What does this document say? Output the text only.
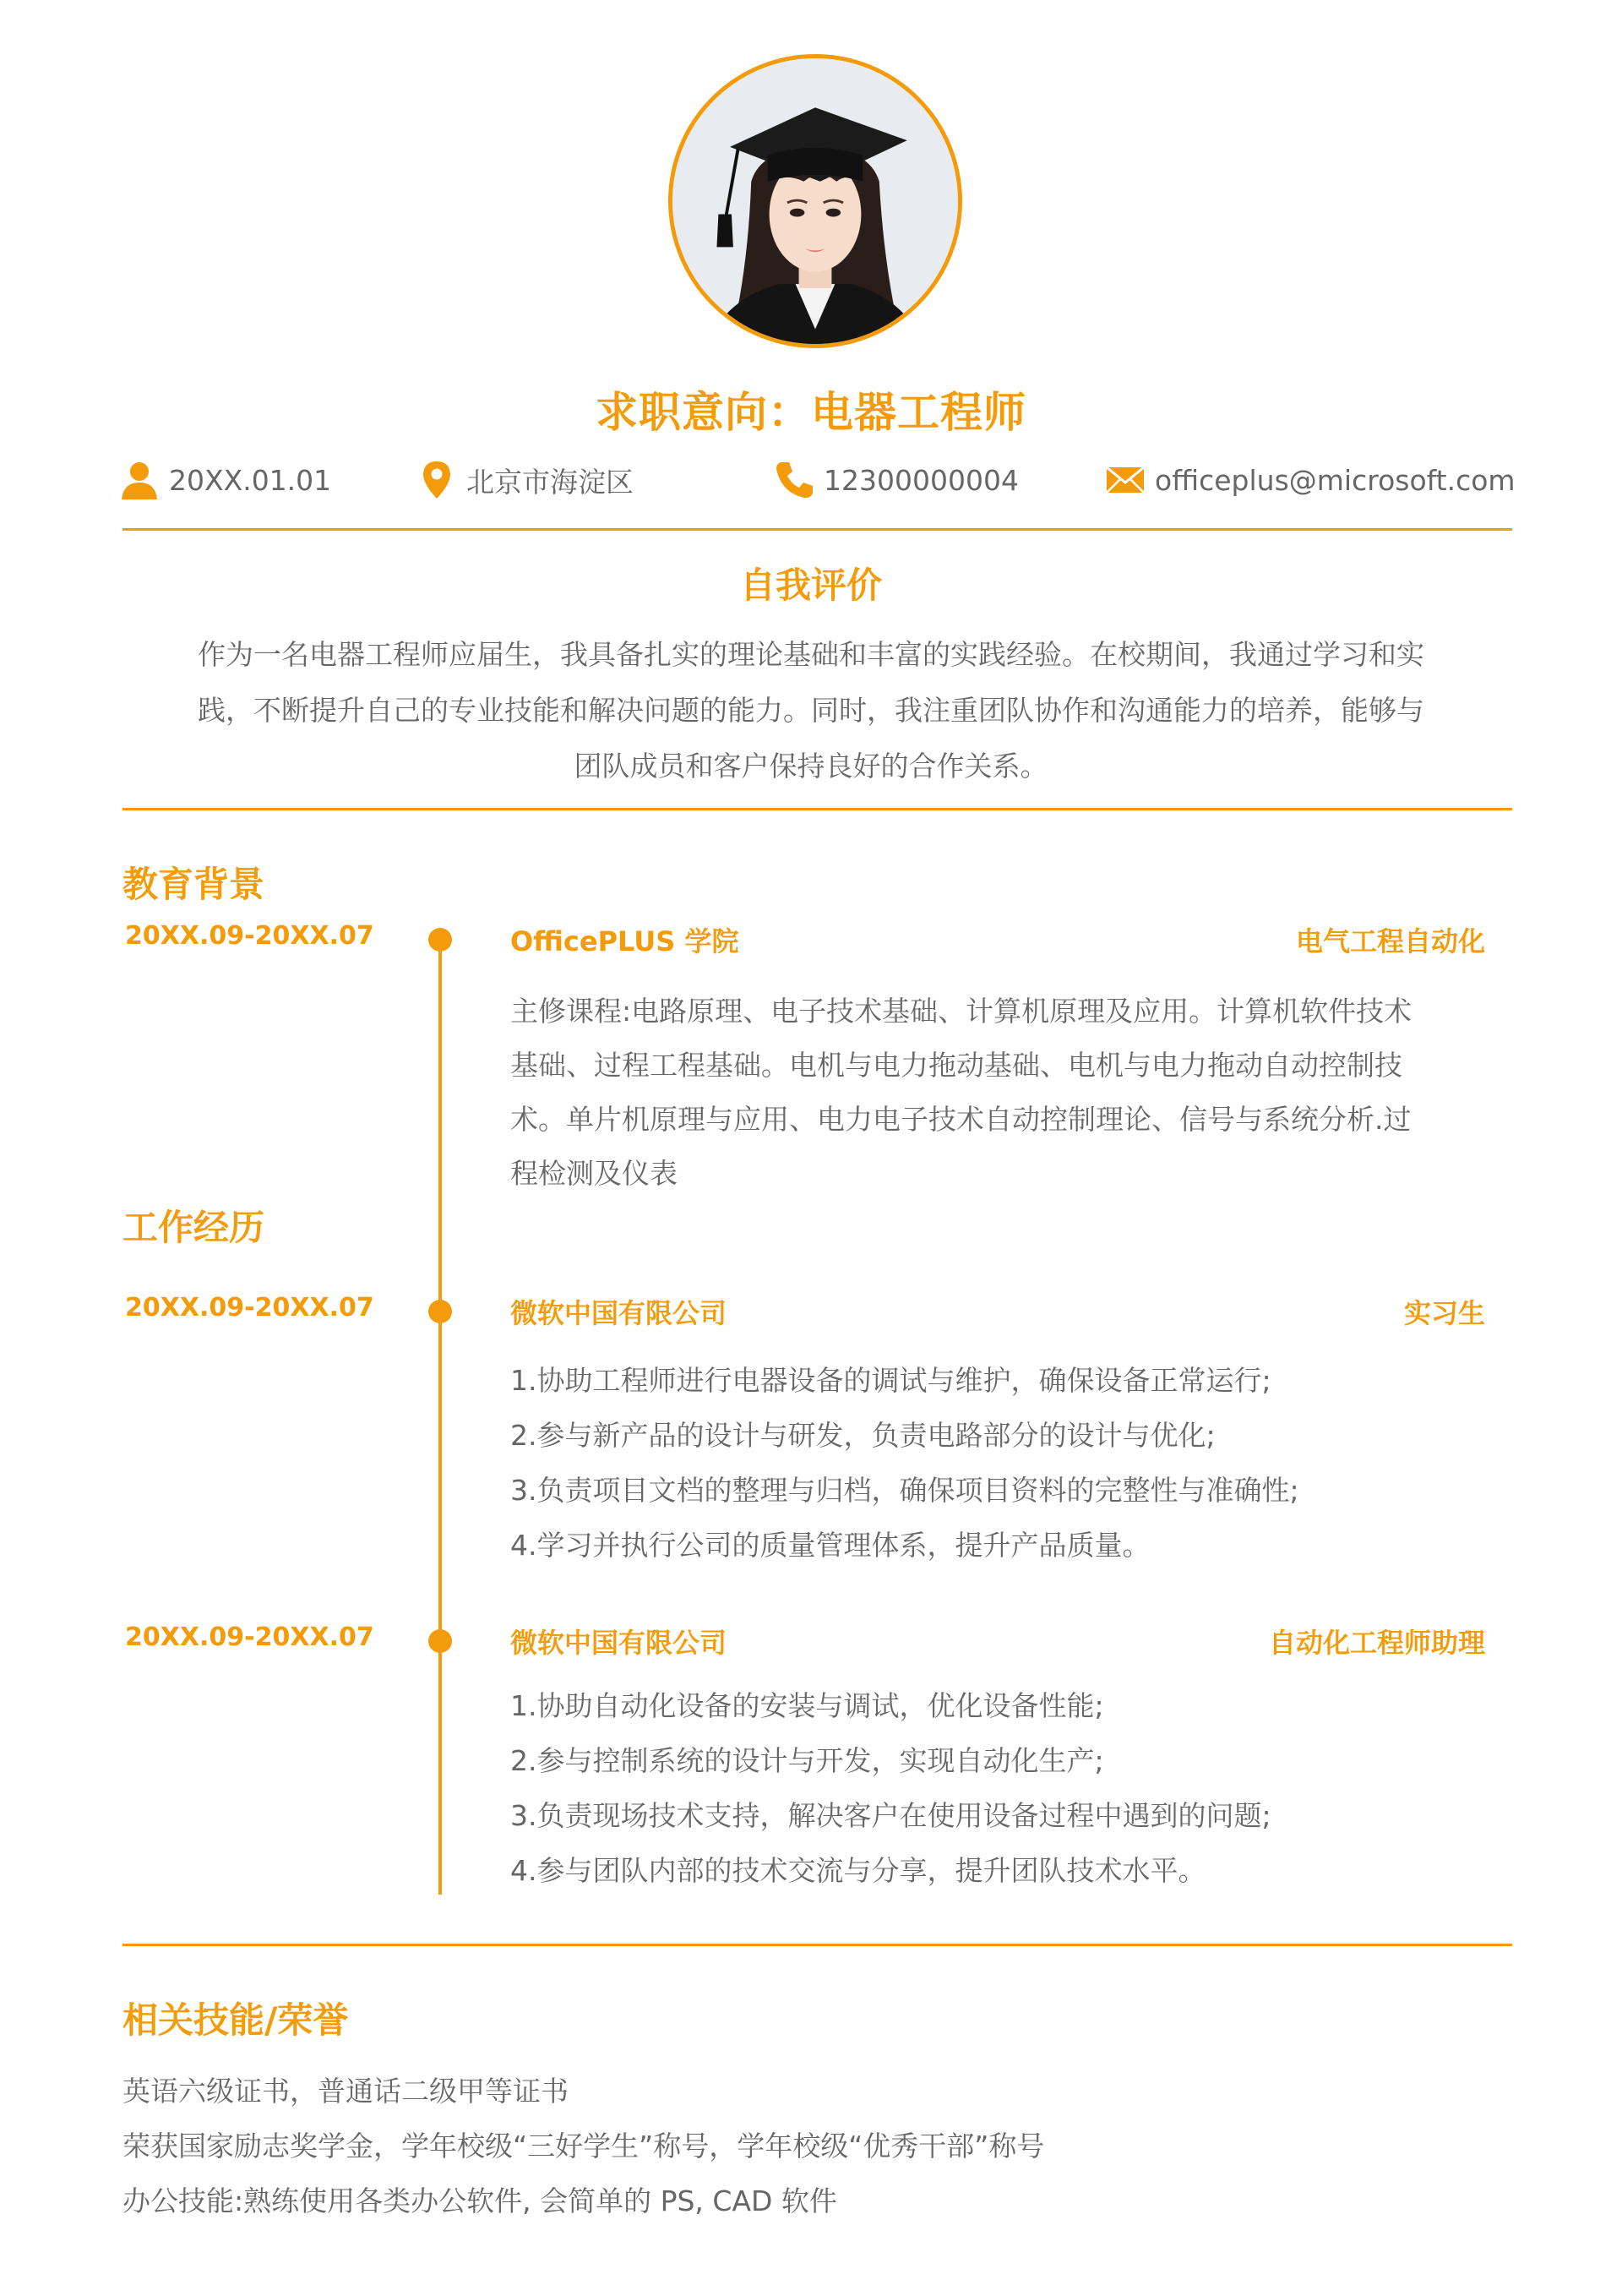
求职意向：电器工程师
20XX.01.01	北京市海淀区	12300000004	officeplus@microsoft.com
自我评价
作为一名电器工程师应届生，我具备扎实的理论基础和丰富的实践经验。在校期间，我通过学习和实
践，不断提升自己的专业技能和解决问题的能力。同时，我注重团队协作和沟通能力的培养，能够与
团队成员和客户保持良好的合作关系。
教育背景
20XX.09-20XX.07	OfficePLUS 学院	电气工程自动化
主修课程:电路原理、电子技术基础、计算机原理及应用。计算机软件技术
基础、过程工程基础。电机与电力拖动基础、电机与电力拖动自动控制技
术。单片机原理与应用、电力电子技术自动控制理论、信号与系统分析.过
程检测及仪表
工作经历
20XX.09-20XX.07	微软中国有限公司	实习生
1.协助工程师进行电器设备的调试与维护，确保设备正常运行;
2.参与新产品的设计与研发，负责电路部分的设计与优化;
3.负责项目文档的整理与归档，确保项目资料的完整性与准确性;
4.学习并执行公司的质量管理体系，提升产品质量。
20XX.09-20XX.07	微软中国有限公司	自动化工程师助理
1.协助自动化设备的安装与调试，优化设备性能;
2.参与控制系统的设计与开发，实现自动化生产;
3.负责现场技术支持，解决客户在使用设备过程中遇到的问题;
4.参与团队内部的技术交流与分享，提升团队技术水平。
相关技能/荣誉
英语六级证书，普通话二级甲等证书
荣获国家励志奖学金，学年校级“三好学生”称号，学年校级“优秀干部”称号
办公技能:熟练使用各类办公软件, 会简单的 PS, CAD 软件
